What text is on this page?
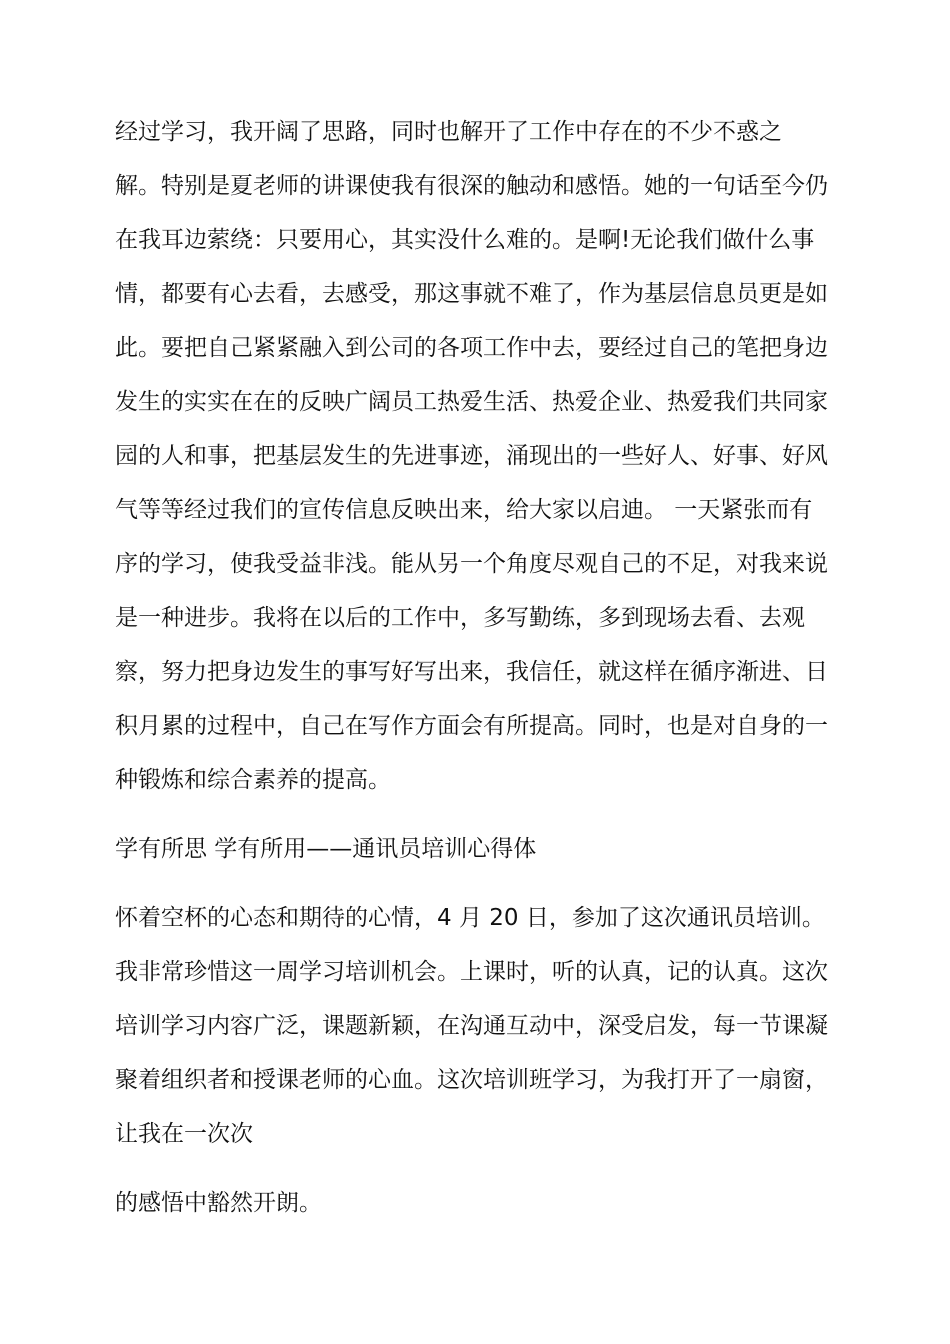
经过学习，我开阔了思路，同时也解开了工作中存在的不少不惑之
解。特别是夏老师的讲课使我有很深的触动和感悟。她的一句话至今仍
在我耳边萦绕：只要用心，其实没什么难的。是啊!无论我们做什么事
情，都要有心去看，去感受，那这事就不难了，作为基层信息员更是如
此。要把自己紧紧融入到公司的各项工作中去，要经过自己的笔把身边
发生的实实在在的反映广阔员工热爱生活、热爱企业、热爱我们共同家
园的人和事，把基层发生的先进事迹，涌现出的一些好人、好事、好风
气等等经过我们的宣传信息反映出来，给大家以启迪。 一天紧张而有
序的学习，使我受益非浅。能从另一个角度尽观自己的不足，对我来说
是一种进步。我将在以后的工作中，多写勤练，多到现场去看、去观
察，努力把身边发生的事写好写出来，我信任，就这样在循序渐进、日
积月累的过程中，自己在写作方面会有所提高。同时，也是对自身的一
种锻炼和综合素养的提高。
学有所思 学有所用——通讯员培训心得体
怀着空杯的心态和期待的心情，4 月 20 日，参加了这次通讯员培训。
我非常珍惜这一周学习培训机会。上课时，听的认真，记的认真。这次
培训学习内容广泛，课题新颖，在沟通互动中，深受启发，每一节课凝
聚着组织者和授课老师的心血。这次培训班学习，为我打开了一扇窗，
让我在一次次
的感悟中豁然开朗。
